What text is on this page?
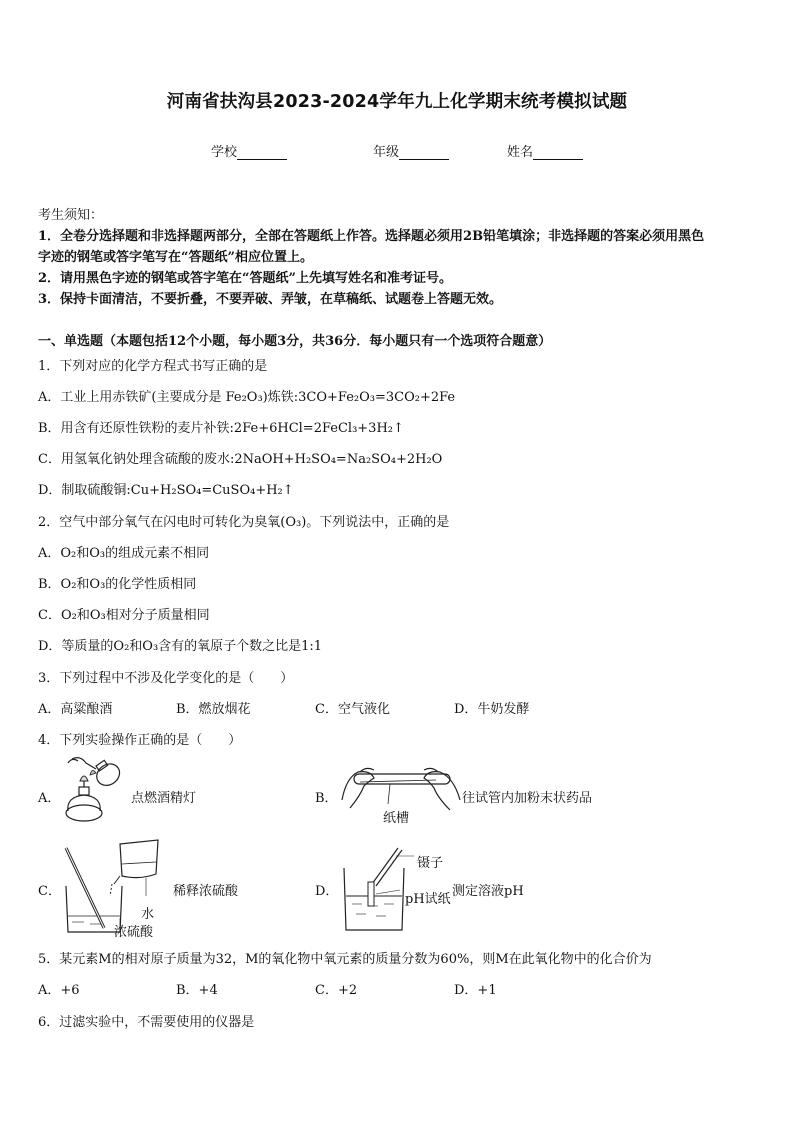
河南省扶沟县2023-2024学年九上化学期末统考模拟试题
学校	年级	姓名
考生须知：
1．全卷分选择题和非选择题两部分，全部在答题纸上作答。选择题必须用2B铅笔填涂；非选择题的答案必须用黑色
字迹的钢笔或答字笔写在“答题纸”相应位置上。
2．请用黑色字迹的钢笔或答字笔在“答题纸”上先填写姓名和准考证号。
3．保持卡面清洁，不要折叠，不要弄破、弄皱，在草稿纸、试题卷上答题无效。
一、单选题（本题包括12个小题，每小题3分，共36分．每小题只有一个选项符合题意）
1．下列对应的化学方程式书写正确的是
A．工业上用赤铁矿(主要成分是 Fe₂O₃)炼铁:3CO+Fe₂O₃=3CO₂+2Fe
B．用含有还原性铁粉的麦片补铁:2Fe+6HCl=2FeCl₃+3H₂↑
C．用氢氧化钠处理含硫酸的废水:2NaOH+H₂SO₄=Na₂SO₄+2H₂O
D．制取硫酸铜:Cu+H₂SO₄=CuSO₄+H₂↑
2．空气中部分氧气在闪电时可转化为臭氧(O₃)。下列说法中，正确的是
A．O₂和O₃的组成元素不相同
B．O₂和O₃的化学性质相同
C．O₂和O₃相对分子质量相同
D．等质量的O₂和O₃含有的氧原子个数之比是1:1
3．下列过程中不涉及化学变化的是（　　）
A．高粱酿酒	B．燃放烟花	C．空气液化	D．牛奶发酵
4．下列实验操作正确的是（　　）
A．	点燃酒精灯	B．
纸槽
往试管内加粉末状药品
C．
水
浓硫酸
稀释浓硫酸	D．
镊子
pH试纸
测定溶液pH
5．某元素M的相对原子质量为32，M的氧化物中氧元素的质量分数为60%，则M在此氧化物中的化合价为
A．+6	B．+4	C．+2	D．+1
6．过滤实验中，不需要使用的仪器是
